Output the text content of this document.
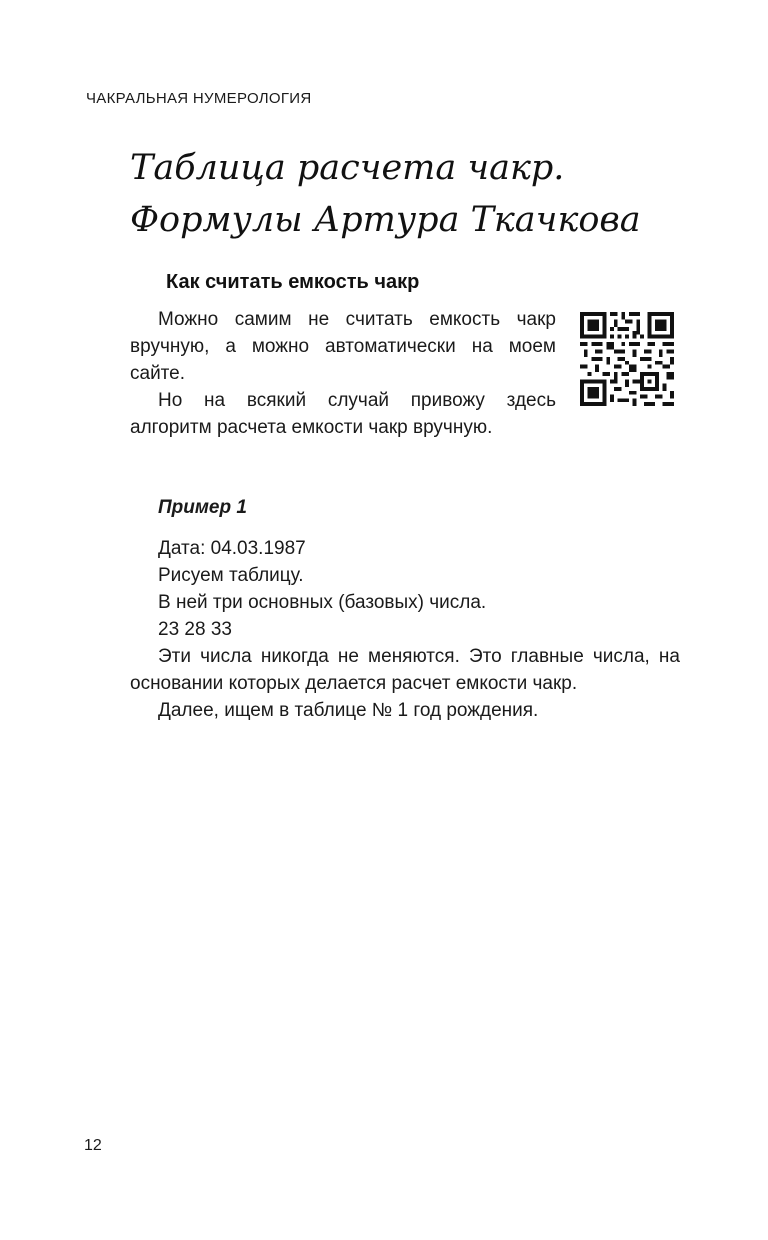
ЧАКРАЛЬНАЯ НУМЕРОЛОГИЯ
Таблица расчета чакр.
Формулы Артура Ткачкова
Как считать емкость чакр

Можно самим не считать емкость чакр вручную, а можно автоматически на моем сайте.

Но на всякий случай привожу здесь алгоритм расчета емкости чакр вручную.

Пример 1

Дата: 04.03.1987

Рисуем таблицу.

В ней три основных (базовых) числа.

23 28 33

Эти числа никогда не меняются. Это главные числа, на основании которых делается расчет емкости чакр.

Далее, ищем в таблице № 1 год рождения.

12
